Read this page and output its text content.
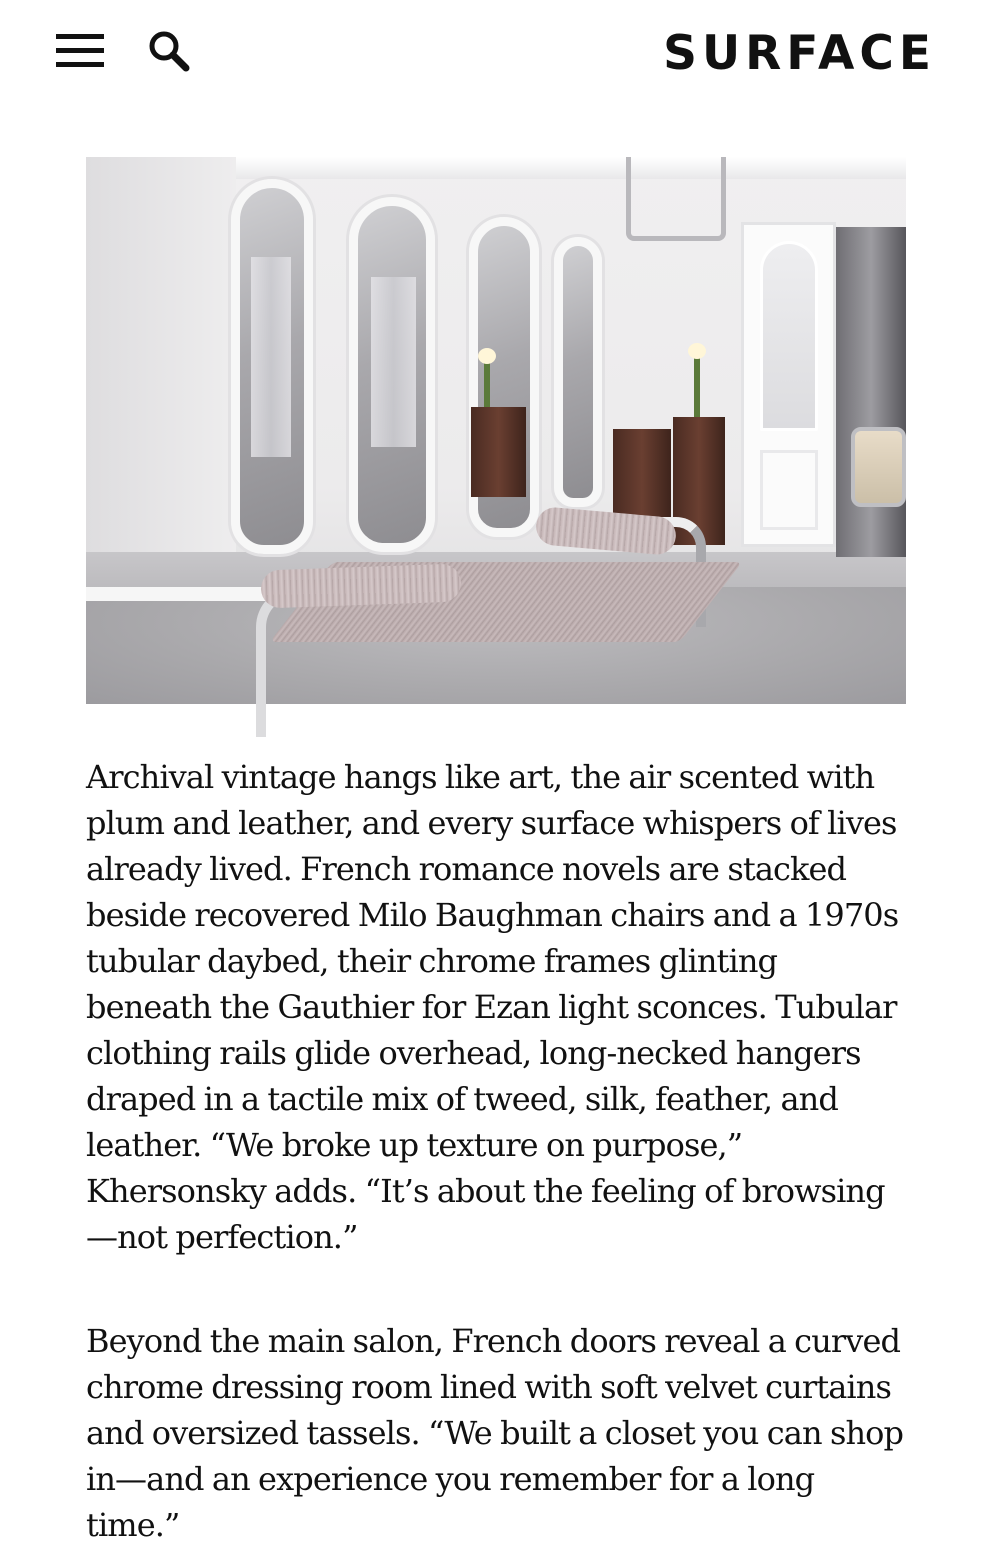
SURFACE

Archival vintage hangs like art, the air scented with plum and leather, and every surface whispers of lives already lived. French romance novels are stacked beside recovered Milo Baughman chairs and a 1970s tubular daybed, their chrome frames glinting beneath the Gauthier for Ezan light sconces. Tubular clothing rails glide overhead, long-necked hangers draped in a tactile mix of tweed, silk, feather, and leather. “We broke up texture on purpose,” Khersonsky adds. “It’s about the feeling of browsing—not perfection.”

Beyond the main salon, French doors reveal a curved chrome dressing room lined with soft velvet curtains and oversized tassels. “We built a closet you can shop in—and an experience you remember for a long time.”
